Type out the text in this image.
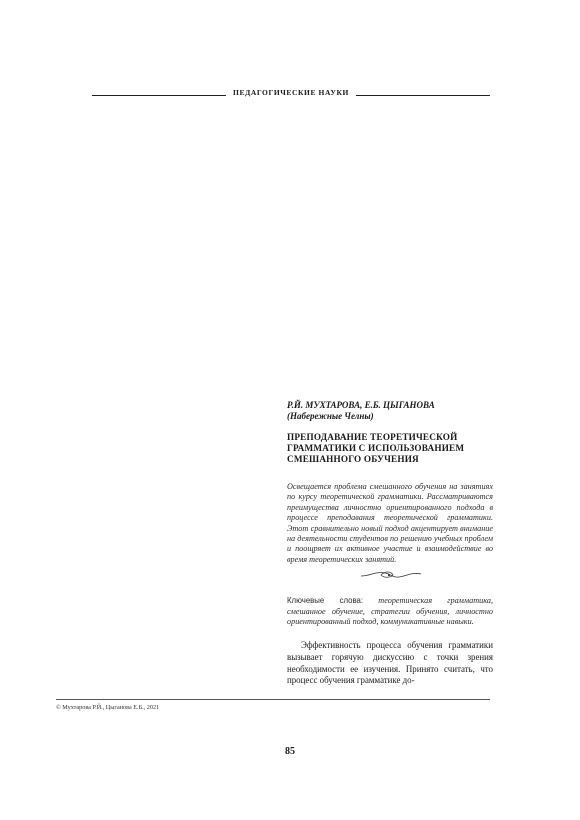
ПЕДАГОГИЧЕСКИЕ НАУКИ
Р.Й. МУХТАРОВА, Е.Б. ЦЫГАНОВА
(Набережные Челны)
ПРЕПОДАВАНИЕ ТЕОРЕТИЧЕСКОЙ ГРАММАТИКИ С ИСПОЛЬЗОВАНИЕМ СМЕШАННОГО ОБУЧЕНИЯ
Освещается проблема смешанного обучения на занятиях по курсу теоретической грамматики. Рассматриваются преимущества личностно ориентированного подхода в процессе преподавания теоретической грамматики. Этот сравнительно новый подход акцентирует внимание на деятельности студентов по решению учебных проблем и поощряет их активное участие и взаимодействие во время теоретических занятий.
Ключевые слова: теоретическая грамматика, смешанное обучение, стратегии обучения, личностно ориентированный подход, коммуникативные навыки.
Эффективность процесса обучения грамматики вызывает горячую дискуссию с точки зрения необходимости ее изучения. Принято считать, что процесс обучения грамматике до-
© Мухтарова Р.Й., Цыганова Е.Б., 2021
85
